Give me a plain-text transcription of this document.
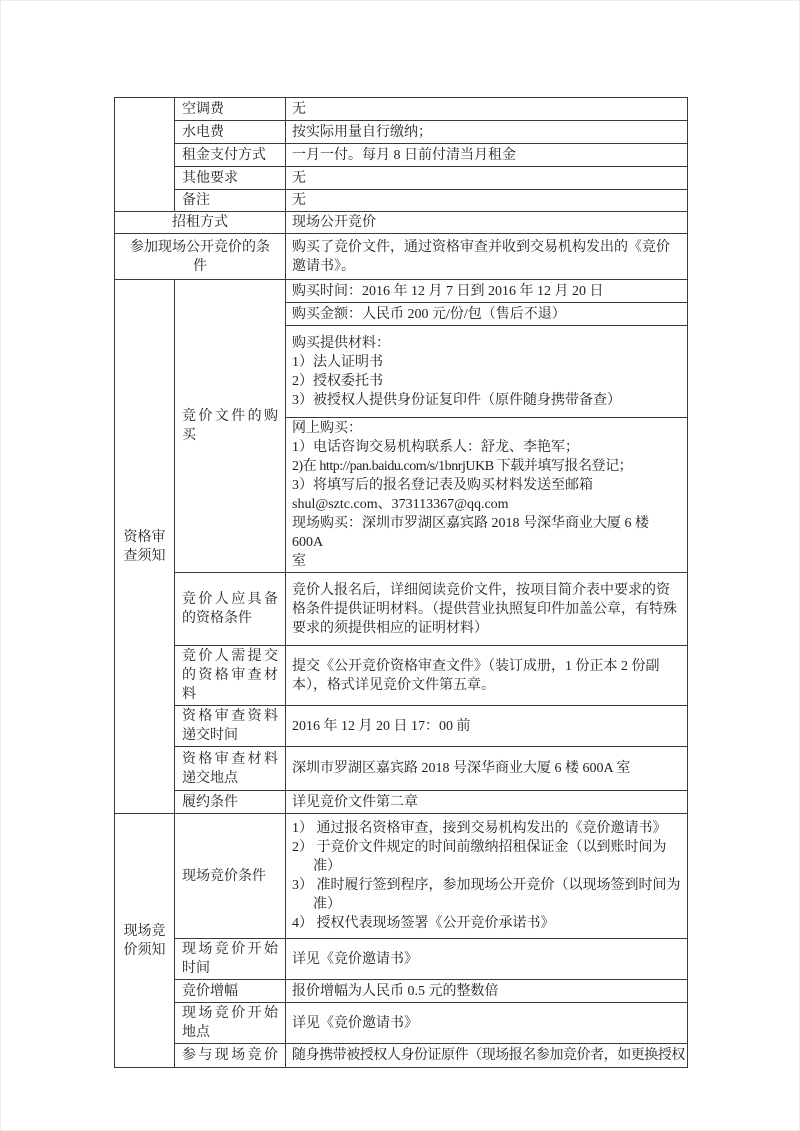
	空调费	无
	水电费	按实际用量自行缴纳；
	租金支付方式	一月一付。每月 8 日前付清当月租金
	其他要求	无
	备注	无
招租方式		现场公开竞价
参加现场公开竞价的条件		购买了竞价文件，通过资格审查并收到交易机构发出的《竞价邀请书》。
资格审查须知	竞价文件的购买	购买时间：2016 年 12 月 7 日到 2016 年 12 月 20 日
		购买金额：人民币 200 元/份/包（售后不退）

		购买提供材料：
1）法人证明书
2）授权委托书
3）被授权人提供身份证复印件（原件随身携带备查）

网上购买：
1）电话咨询交易机构联系人：舒龙、李艳军；
2)在 http://pan.baidu.com/s/1bnrjUKB 下载并填写报名登记；
3）将填写后的报名登记表及购买材料发送至邮箱
shul@sztc.com、373113367@qq.com
现场购买：深圳市罗湖区嘉宾路 2018 号深华商业大厦 6 楼 600A
室

	竞价人应具备的资格条件	竞价人报名后，详细阅读竞价文件，按项目简介表中要求的资格条件提供证明材料。（提供营业执照复印件加盖公章，有特殊要求的须提供相应的证明材料）
	竞价人需提交的资格审查材料	提交《公开竞价资格审查文件》（装订成册，1 份正本 2 份副本），格式详见竞价文件第五章。
	资格审查资料递交时间	2016 年 12 月 20 日 17：00 前
	资格审查材料递交地点	深圳市罗湖区嘉宾路 2018 号深华商业大厦 6 楼 600A 室
	履约条件	详见竞价文件第二章
现场竞价须知	现场竞价条件	1） 通过报名资格审查，接到交易机构发出的《竞价邀请书》
2） 于竞价文件规定的时间前缴纳招租保证金（以到账时间为准）
3） 准时履行签到程序，参加现场公开竞价（以现场签到时间为准）
4） 授权代表现场签署《公开竞价承诺书》

	现场竞价开始时间	详见《竞价邀请书》
	竞价增幅	报价增幅为人民币 0.5 元的整数倍
	现场竞价开始地点	详见《竞价邀请书》
	参与现场竞价	随身携带被授权人身份证原件（现场报名参加竞价者，如更换授权
